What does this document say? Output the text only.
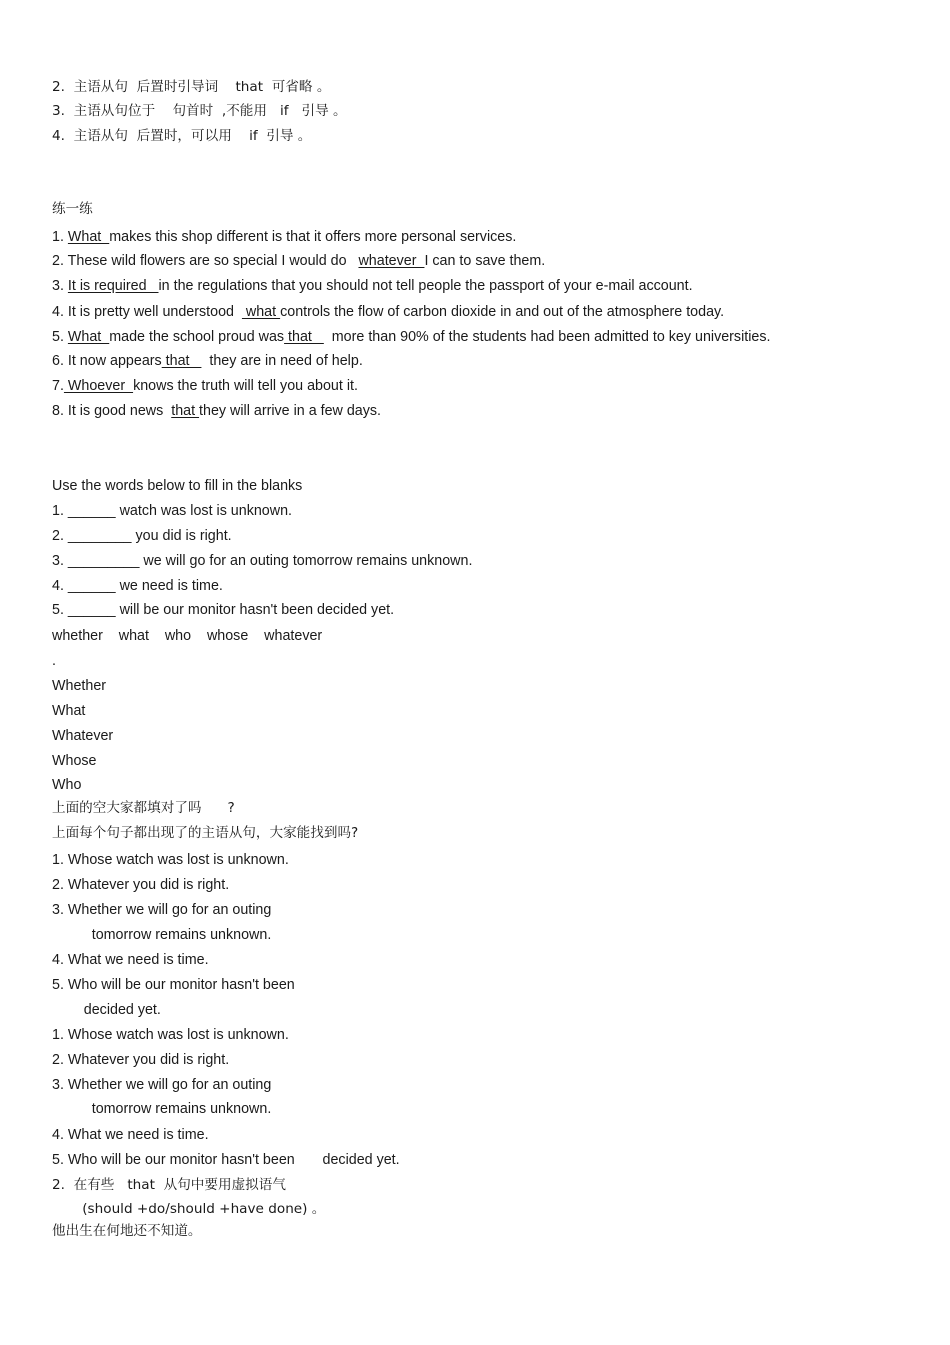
2.  主语从句  后置时引导词    that  可省略 。
3.  主语从句位于    句首时  ,不能用   if   引导 。
4.  主语从句  后置时，可以用    if  引导 。
练一练
1. What  makes this shop different is that it offers more personal services.
2. These wild flowers are so special I would do   whatever  I can to save them.
3. It is required   in the regulations that you should not tell people the passport of your e-mail account.
4. It is pretty well understood   what controls the flow of carbon dioxide in and out of the atmosphere today.
5. What  made the school proud was that     more than 90% of the students had been admitted to key universities.
6. It now appears that     they are in need of help.
7. Whoever  knows the truth will tell you about it.
8. It is good news  that they will arrive in a few days.
Use the words below to fill in the blanks
1. ______ watch was lost is unknown.
2. ________ you did is right.
3. _________ we will go for an outing tomorrow remains unknown.
4. ______ we need is time.
5. ______ will be our monitor hasn't been decided yet.
whether    what    who    whose    whatever
.
Whether
What
Whatever
Whose
Who
上面的空大家都填对了吗      ?
上面每个句子都出现了的主语从句，大家能找到吗?
1. Whose watch was lost is unknown.
2. Whatever you did is right.
3. Whether we will go for an outing
tomorrow remains unknown.
4. What we need is time.
5. Who will be our monitor hasn't been
decided yet.
1. Whose watch was lost is unknown.
2. Whatever you did is right.
3. Whether we will go for an outing
tomorrow remains unknown.
4. What we need is time.
5. Who will be our monitor hasn't been       decided yet.
2.  在有些   that  从句中要用虚拟语气
(should +do/should +have done) 。
他出生在何地还不知道。
